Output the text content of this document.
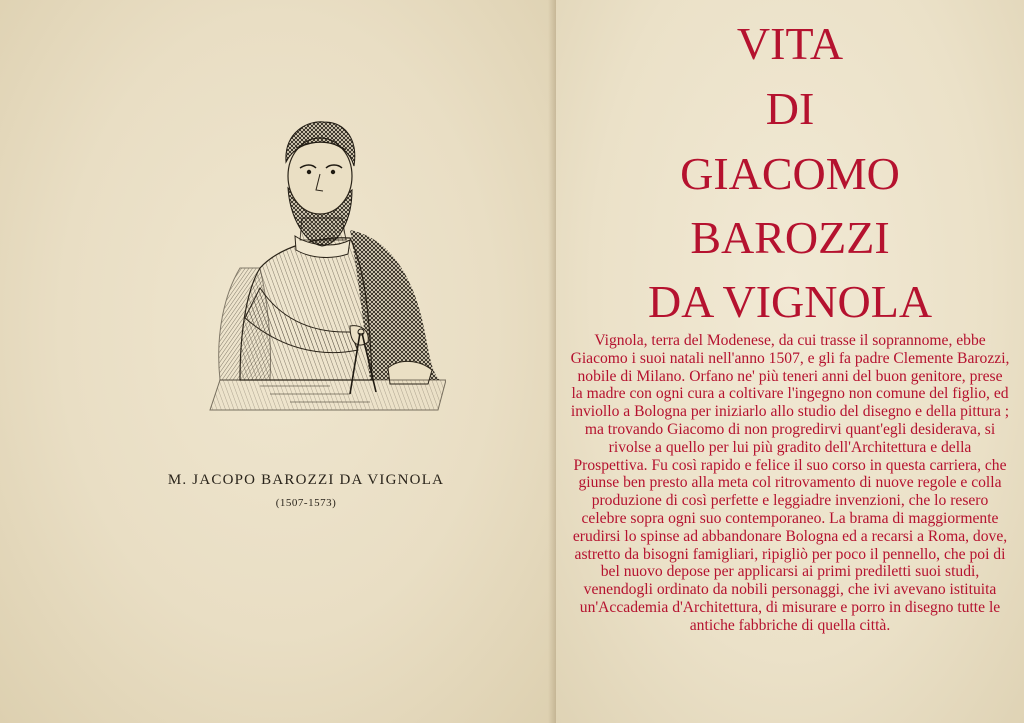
M. JACOPO BAROZZI DA VIGNOLA
(1507-1573)
VITA
DI
GIACOMO
BAROZZI
DA VIGNOLA
Vignola, terra del Modenese, da cui trasse il soprannome, ebbe Giacomo i suoi natali nell'anno 1507, e gli fa padre Clemente Barozzi, nobile di Milano. Orfano ne' più teneri anni del buon genitore, prese la madre con ogni cura a coltivare l'ingegno non comune del figlio, ed inviollo a Bologna per iniziarlo allo studio del disegno e della pittura ; ma trovando Giacomo di non progredirvi quant'egli desiderava, si rivolse a quello per lui più gradito dell'Architettura e della Prospettiva. Fu così rapido e felice il suo corso in questa carriera, che giunse ben presto alla meta col ritrovamento di nuove regole e colla produzione di così perfette e leggiadre invenzioni, che lo resero celebre sopra ogni suo contemporaneo. La brama di maggiormente erudirsi lo spinse ad abbandonare Bologna ed a recarsi a Roma, dove, astretto da bisogni famigliari, ripigliò per poco il pennello, che poi di bel nuovo depose per applicarsi ai primi prediletti suoi studi, venendogli ordinato da nobili personaggi, che ivi avevano istituita un'Accademia d'Architettura, di misurare e porro in disegno tutte le antiche fabbriche di quella città.
